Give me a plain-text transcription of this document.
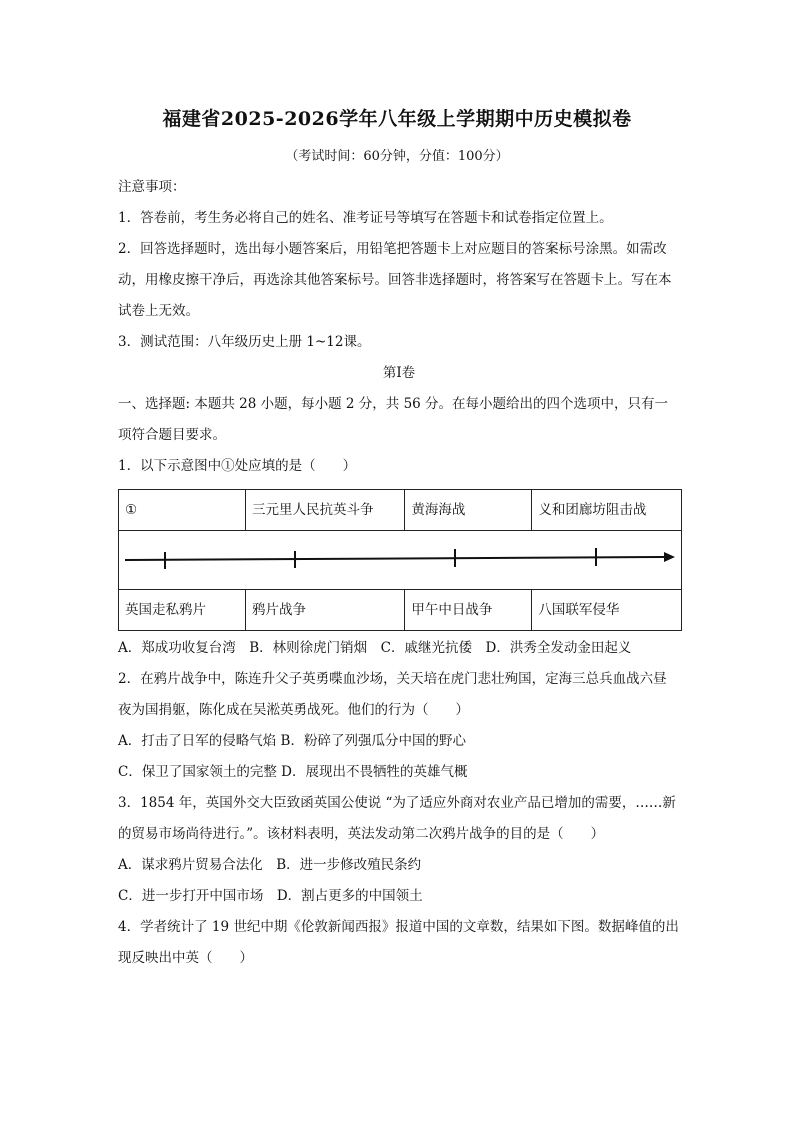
福建省2025-2026学年八年级上学期期中历史模拟卷
（考试时间：60分钟，分值：100分）

注意事项：

1．答卷前，考生务必将自己的姓名、准考证号等填写在答题卡和试卷指定位置上。

2．回答选择题时，选出每小题答案后，用铅笔把答题卡上对应题目的答案标号涂黑。如需改动，用橡皮擦干净后，再选涂其他答案标号。回答非选择题时，将答案写在答题卡上。写在本试卷上无效。

3．测试范围：八年级历史上册 1~12课。

第Ⅰ卷

一、选择题: 本题共 28 小题，每小题 2 分，共 56 分。在每小题给出的四个选项中，只有一项符合题目要求。

1．以下示意图中①处应填的是（　　）

①	三元里人民抗英斗争	黄海海战	义和团廊坊阻击战

英国走私鸦片	鸦片战争	甲午中日战争	八国联军侵华

A．郑成功收复台湾　B．林则徐虎门销烟　C．戚继光抗倭　D．洪秀全发动金田起义

2．在鸦片战争中，陈连升父子英勇喋血沙场，关天培在虎门悲壮殉国，定海三总兵血战六昼夜为国捐躯，陈化成在吴淞英勇战死。他们的行为（　　）

A．打击了日军的侵略气焰 B．粉碎了列强瓜分中国的野心

C．保卫了国家领土的完整 D．展现出不畏牺牲的英雄气概

3．1854 年，英国外交大臣致函英国公使说 “为了适应外商对农业产品已增加的需要，……新的贸易市场尚待进行。”。该材料表明，英法发动第二次鸦片战争的目的是（　　）

A．谋求鸦片贸易合法化　B．进一步修改殖民条约

C．进一步打开中国市场　D．割占更多的中国领土

4．学者统计了 19 世纪中期《伦敦新闻西报》报道中国的文章数，结果如下图。数据峰值的出现反映出中英（　　）
